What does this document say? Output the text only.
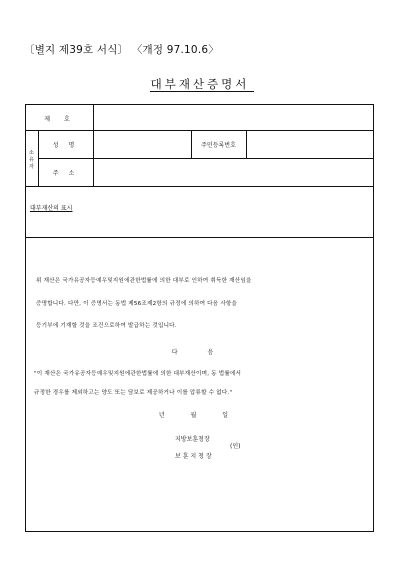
〔별지 제39호 서식〕 〈개정 97.10.6〉
대부재산증명서
제 호
소
유
자
성 명	주민등록번호
주 소
대부재산의 표시
위 재산은 국가유공자등예우및지원에관한법률에 의한 대부로 인하여 취득한 재산임을
증명합니다. 다만, 이 증명서는 동법 제56조제2항의 규정에 의하여 다음 사항을
등기부에 기재할 것을 조건으로하여 발급하는 것입니다.
다 음
"이 재산은 국가유공자등예우및지원에관한법률에 의한 대부재산이며, 동 법률에서
규정한 경우를 제외하고는 양도 또는 담보로 제공하거나 이를 압류할 수 없다."
년 월 일
지방보훈청장
보 훈 지 청 장
(인)
